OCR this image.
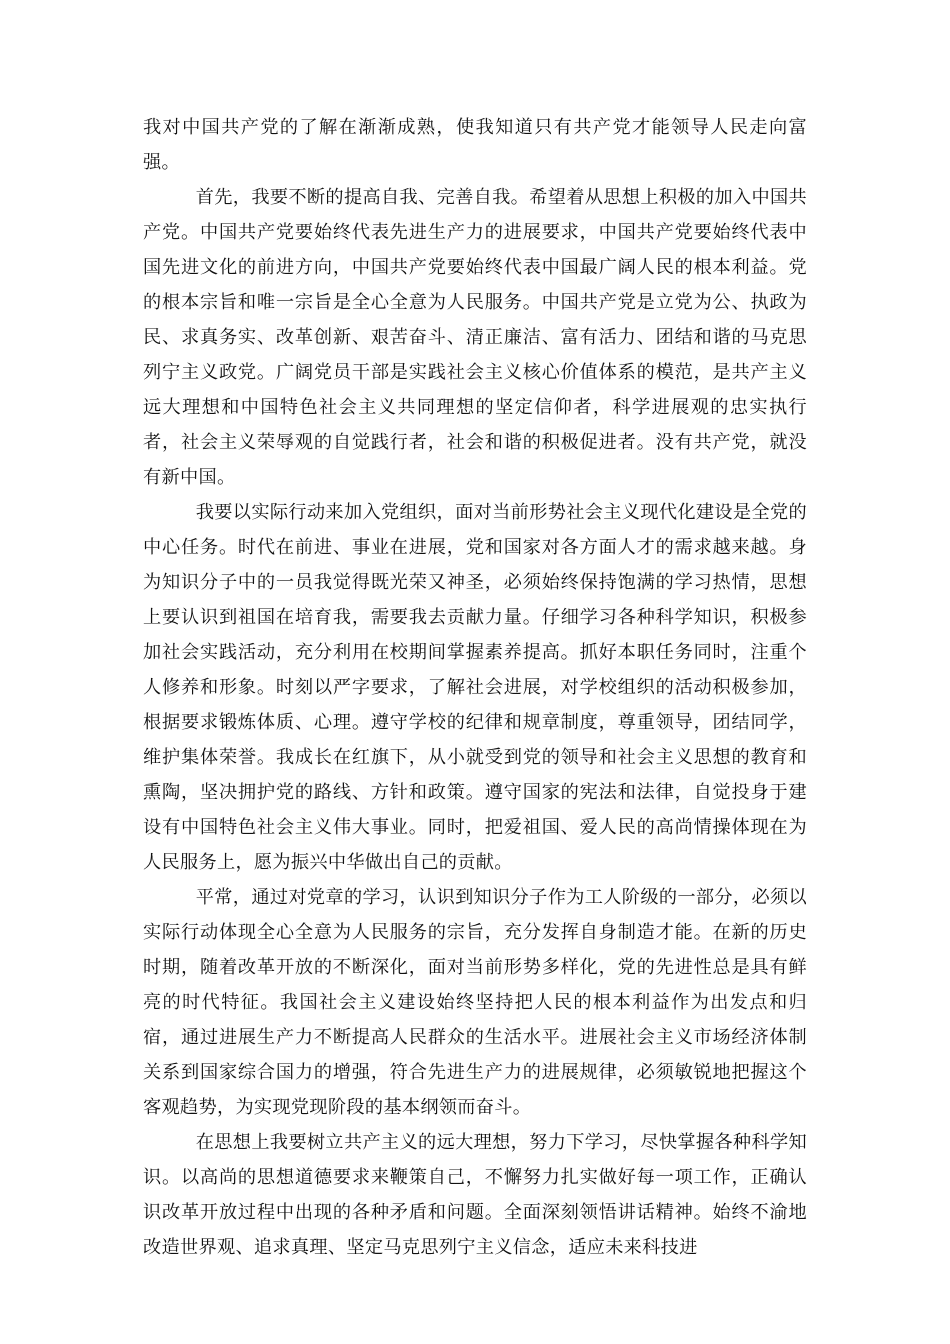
我对中国共产党的了解在渐渐成熟，使我知道只有共产党才能领导人民走向富强。

首先，我要不断的提高自我、完善自我。希望着从思想上积极的加入中国共产党。中国共产党要始终代表先进生产力的进展要求，中国共产党要始终代表中国先进文化的前进方向，中国共产党要始终代表中国最广阔人民的根本利益。党的根本宗旨和唯一宗旨是全心全意为人民服务。中国共产党是立党为公、执政为民、求真务实、改革创新、艰苦奋斗、清正廉洁、富有活力、团结和谐的马克思列宁主义政党。广阔党员干部是实践社会主义核心价值体系的模范，是共产主义远大理想和中国特色社会主义共同理想的坚定信仰者，科学进展观的忠实执行者，社会主义荣辱观的自觉践行者，社会和谐的积极促进者。没有共产党，就没有新中国。

我要以实际行动来加入党组织，面对当前形势社会主义现代化建设是全党的中心任务。时代在前进、事业在进展，党和国家对各方面人才的需求越来越。身为知识分子中的一员我觉得既光荣又神圣，必须始终保持饱满的学习热情，思想上要认识到祖国在培育我，需要我去贡献力量。仔细学习各种科学知识，积极参加社会实践活动，充分利用在校期间掌握素养提高。抓好本职任务同时，注重个人修养和形象。时刻以严字要求，了解社会进展，对学校组织的活动积极参加，根据要求锻炼体质、心理。遵守学校的纪律和规章制度，尊重领导，团结同学，维护集体荣誉。我成长在红旗下，从小就受到党的领导和社会主义思想的教育和熏陶，坚决拥护党的路线、方针和政策。遵守国家的宪法和法律，自觉投身于建设有中国特色社会主义伟大事业。同时，把爱祖国、爱人民的高尚情操体现在为人民服务上，愿为振兴中华做出自己的贡献。

平常，通过对党章的学习，认识到知识分子作为工人阶级的一部分，必须以实际行动体现全心全意为人民服务的宗旨，充分发挥自身制造才能。在新的历史时期，随着改革开放的不断深化，面对当前形势多样化，党的先进性总是具有鲜亮的时代特征。我国社会主义建设始终坚持把人民的根本利益作为出发点和归宿，通过进展生产力不断提高人民群众的生活水平。进展社会主义市场经济体制关系到国家综合国力的增强，符合先进生产力的进展规律，必须敏锐地把握这个客观趋势，为实现党现阶段的基本纲领而奋斗。

在思想上我要树立共产主义的远大理想，努力下学习，尽快掌握各种科学知识。以高尚的思想道德要求来鞭策自己，不懈努力扎实做好每一项工作，正确认识改革开放过程中出现的各种矛盾和问题。全面深刻领悟讲话精神。始终不渝地改造世界观、追求真理、坚定马克思列宁主义信念，适应未来科技进
